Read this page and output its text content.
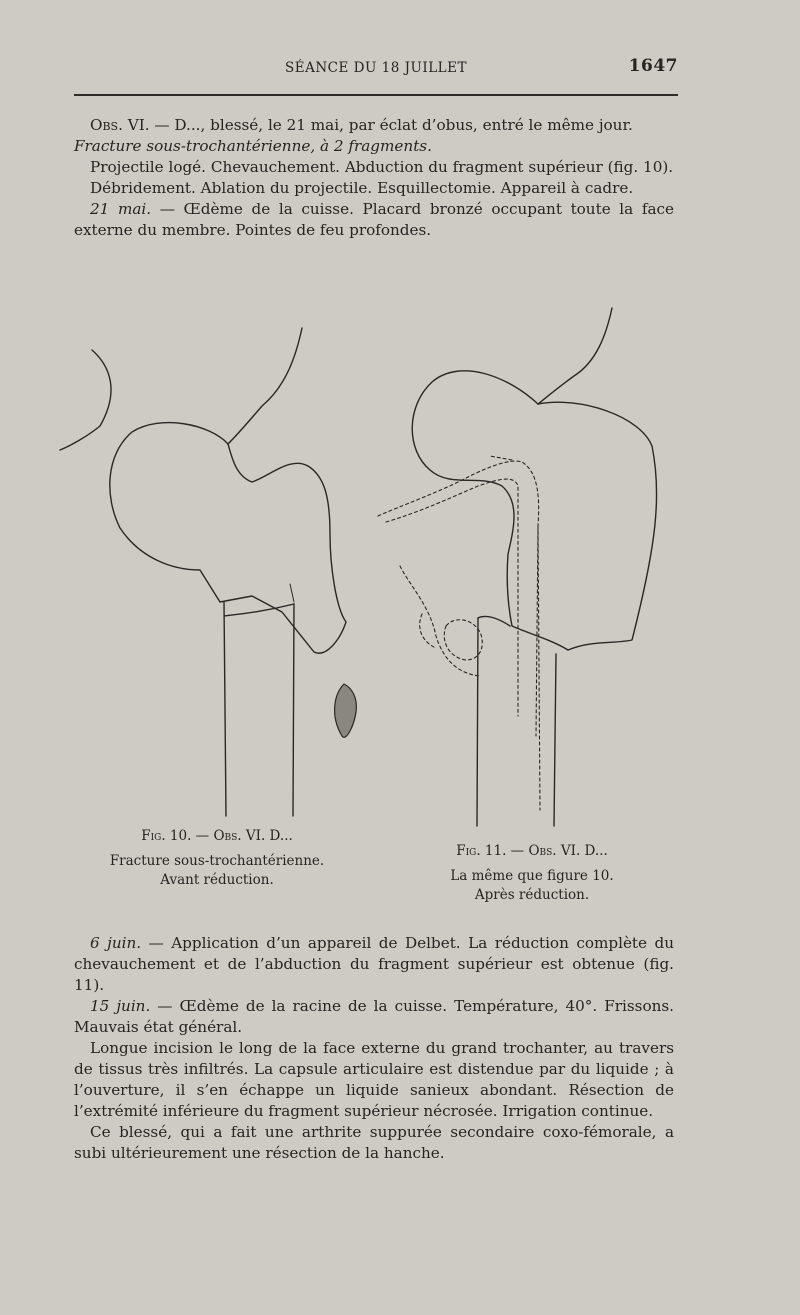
SÉANCE DU 18 JUILLET	1647

Obs. VI. — D..., blessé, le 21 mai, par éclat d’obus, entré le même jour.
Fracture sous-trochantérienne, à 2 fragments.

Projectile logé. Chevauchement. Abduction du fragment supérieur (fig. 10).

Débridement. Ablation du projectile. Esquillectomie. Appareil à cadre.

21 mai. — Œdème de la cuisse. Placard bronzé occupant toute la face externe du membre. Pointes de feu profondes.

Fig. 10. — Obs. VI. D...
Fracture sous-trochantérienne.
Avant réduction.
Fig. 11. — Obs. VI. D...
La même que figure 10.
Après réduction.

6 juin. — Application d’un appareil de Delbet. La réduction complète du chevauchement et de l’abduction du fragment supérieur est obtenue (fig. 11).

15 juin. — Œdème de la racine de la cuisse. Température, 40°. Frissons. Mauvais état général.

Longue incision le long de la face externe du grand trochanter, au travers de tissus très infiltrés. La capsule articulaire est distendue par du liquide ; à l’ouverture, il s’en échappe un liquide sanieux abondant. Résection de l’extrémité inférieure du fragment supérieur nécrosée. Irrigation continue.

Ce blessé, qui a fait une arthrite suppurée secondaire coxo-fémorale, a subi ultérieurement une résection de la hanche.
